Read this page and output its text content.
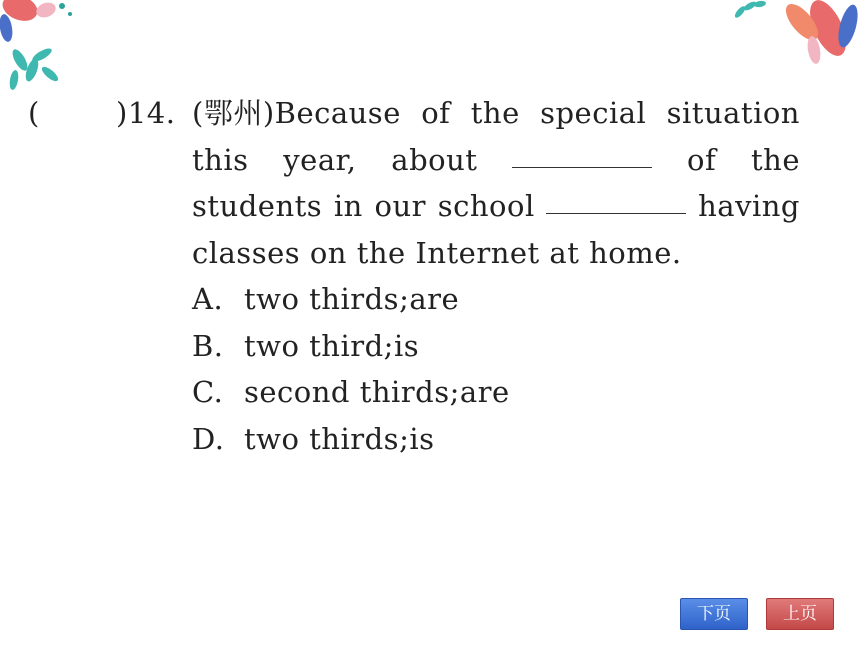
(	)14. (鄂州)Because of the special situation
this year, about	of the
students in our school	having
classes on the Internet at home.
A. two thirds;are
B. two third;is
C. second thirds;are
D. two thirds;is
下页	上页
